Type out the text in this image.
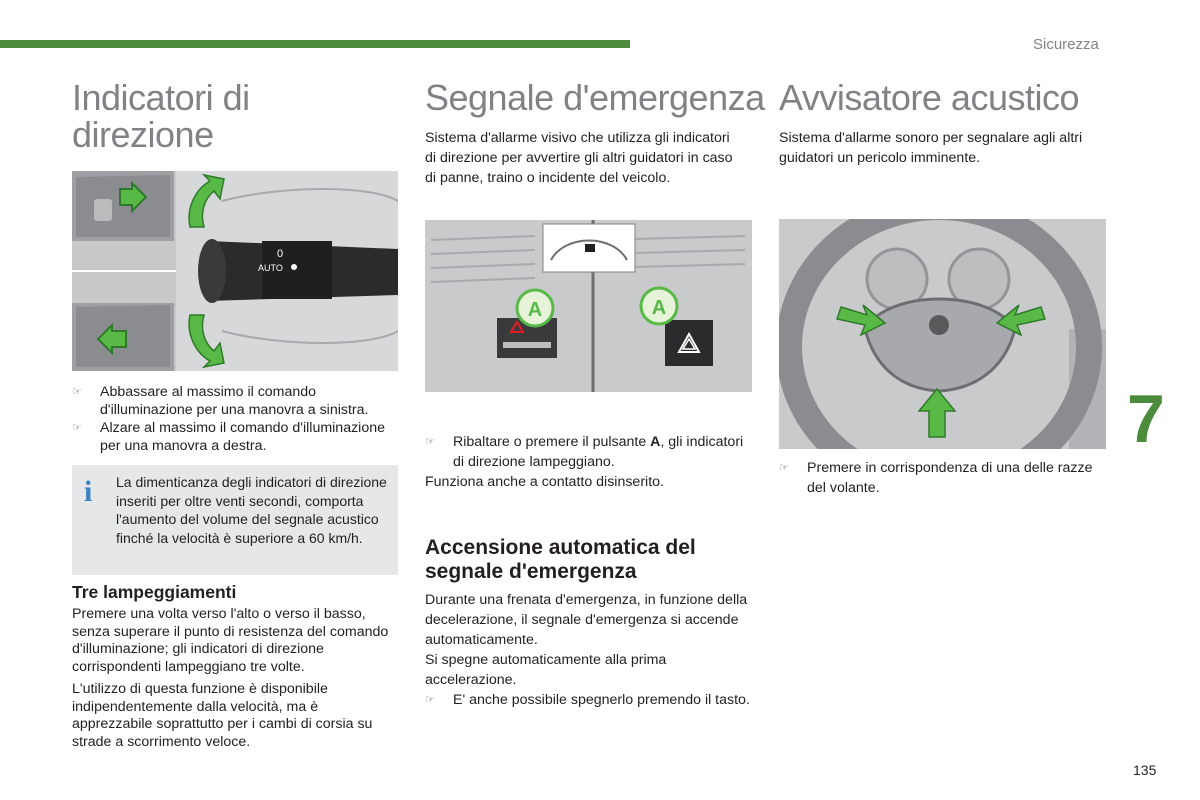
Sicurezza
7
135
Indicatori di direzione
0
AUTO
☞ Abbassare al massimo il comando d'illuminazione per una manovra a sinistra.
☞ Alzare al massimo il comando d'illuminazione per una manovra a destra.
i La dimenticanza degli indicatori di direzione inseriti per oltre venti secondi, comporta l'aumento del volume del segnale acustico finché la velocità è superiore a 60 km/h.
Tre lampeggiamenti
Premere una volta verso l'alto o verso il basso, senza superare il punto di resistenza del comando d'illuminazione; gli indicatori di direzione corrispondenti lampeggiano tre volte.
L'utilizzo di questa funzione è disponibile indipendentemente dalla velocità, ma è apprezzabile soprattutto per i cambi di corsia su strade a scorrimento veloce.
Segnale d'emergenza
Sistema d'allarme visivo che utilizza gli indicatori di direzione per avvertire gli altri guidatori in caso di panne, traino o incidente del veicolo.
A	A
☞ Ribaltare o premere il pulsante A, gli indicatori di direzione lampeggiano.
Funziona anche a contatto disinserito.
Accensione automatica del segnale d'emergenza
Durante una frenata d'emergenza, in funzione della decelerazione, il segnale d'emergenza si accende automaticamente.
Si spegne automaticamente alla prima accelerazione.
☞ E' anche possibile spegnerlo premendo il tasto.
Avvisatore acustico
Sistema d'allarme sonoro per segnalare agli altri guidatori un pericolo imminente.
☞ Premere in corrispondenza di una delle razze del volante.
